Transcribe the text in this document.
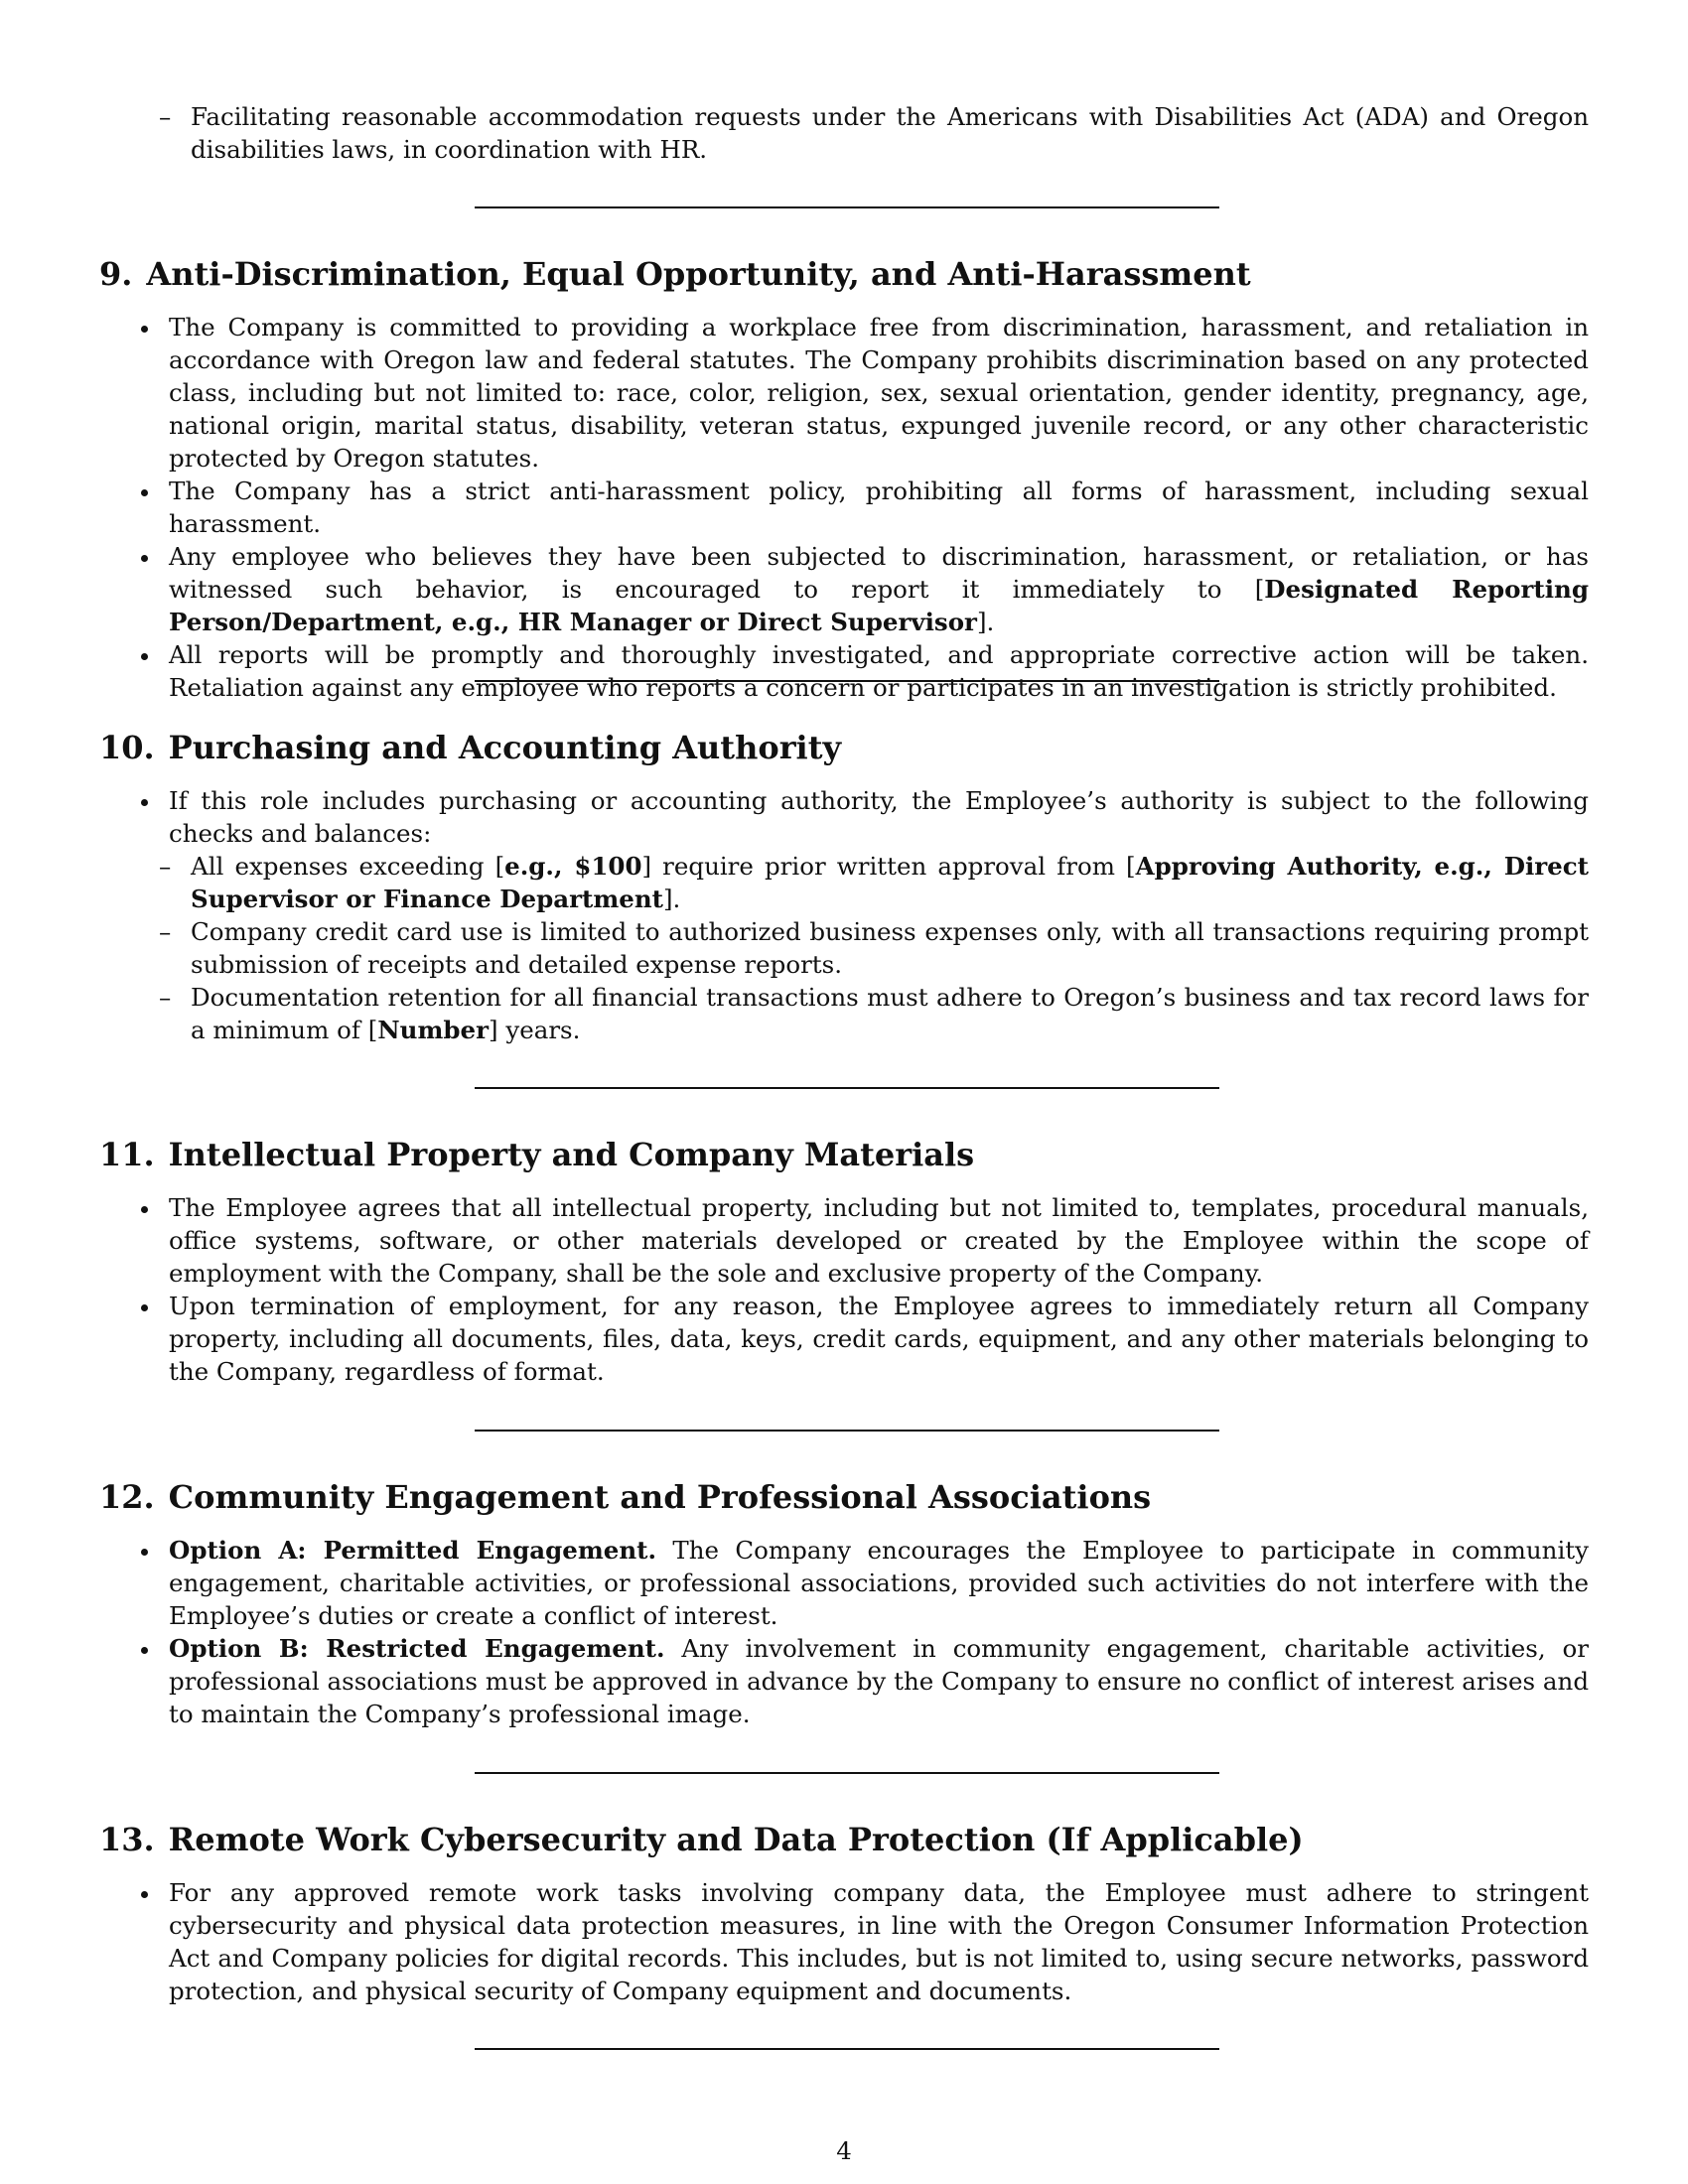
– Facilitating reasonable accommodation requests under the Americans with Disabilities Act (ADA) and Oregon disabilities laws, in coordination with HR.
9. Anti-Discrimination, Equal Opportunity, and Anti-Harassment
The Company is committed to providing a workplace free from discrimination, harassment, and retaliation in accordance with Oregon law and federal statutes. The Company prohibits discrimination based on any protected class, including but not limited to: race, color, religion, sex, sexual orientation, gender identity, pregnancy, age, national origin, marital status, disability, veteran status, expunged juvenile record, or any other characteristic protected by Oregon statutes.
The Company has a strict anti-harassment policy, prohibiting all forms of harassment, including sexual harassment.
Any employee who believes they have been subjected to discrimination, harassment, or retaliation, or has witnessed such behavior, is encouraged to report it immediately to [Designated Reporting Person/Department, e.g., HR Manager or Direct Supervisor].
All reports will be promptly and thoroughly investigated, and appropriate corrective action will be taken. Retaliation against any employee who reports a concern or participates in an investigation is strictly prohibited.
10. Purchasing and Accounting Authority
If this role includes purchasing or accounting authority, the Employee’s authority is subject to the following checks and balances:
– All expenses exceeding [e.g., $100] require prior written approval from [Approving Authority, e.g., Direct Supervisor or Finance Department].
– Company credit card use is limited to authorized business expenses only, with all transactions requiring prompt submission of receipts and detailed expense reports.
– Documentation retention for all financial transactions must adhere to Oregon’s business and tax record laws for a minimum of [Number] years.
11. Intellectual Property and Company Materials
The Employee agrees that all intellectual property, including but not limited to, templates, procedural manuals, office systems, software, or other materials developed or created by the Employee within the scope of employment with the Company, shall be the sole and exclusive property of the Company.
Upon termination of employment, for any reason, the Employee agrees to immediately return all Company property, including all documents, files, data, keys, credit cards, equipment, and any other materials belonging to the Company, regardless of format.
12. Community Engagement and Professional Associations
Option A: Permitted Engagement. The Company encourages the Employee to participate in community engagement, charitable activities, or professional associations, provided such activities do not interfere with the Employee’s duties or create a conflict of interest.
Option B: Restricted Engagement. Any involvement in community engagement, charitable activities, or professional associations must be approved in advance by the Company to ensure no conflict of interest arises and to maintain the Company’s professional image.
13. Remote Work Cybersecurity and Data Protection (If Applicable)
For any approved remote work tasks involving company data, the Employee must adhere to stringent cybersecurity and physical data protection measures, in line with the Oregon Consumer Information Protection Act and Company policies for digital records. This includes, but is not limited to, using secure networks, password protection, and physical security of Company equipment and documents.
4
